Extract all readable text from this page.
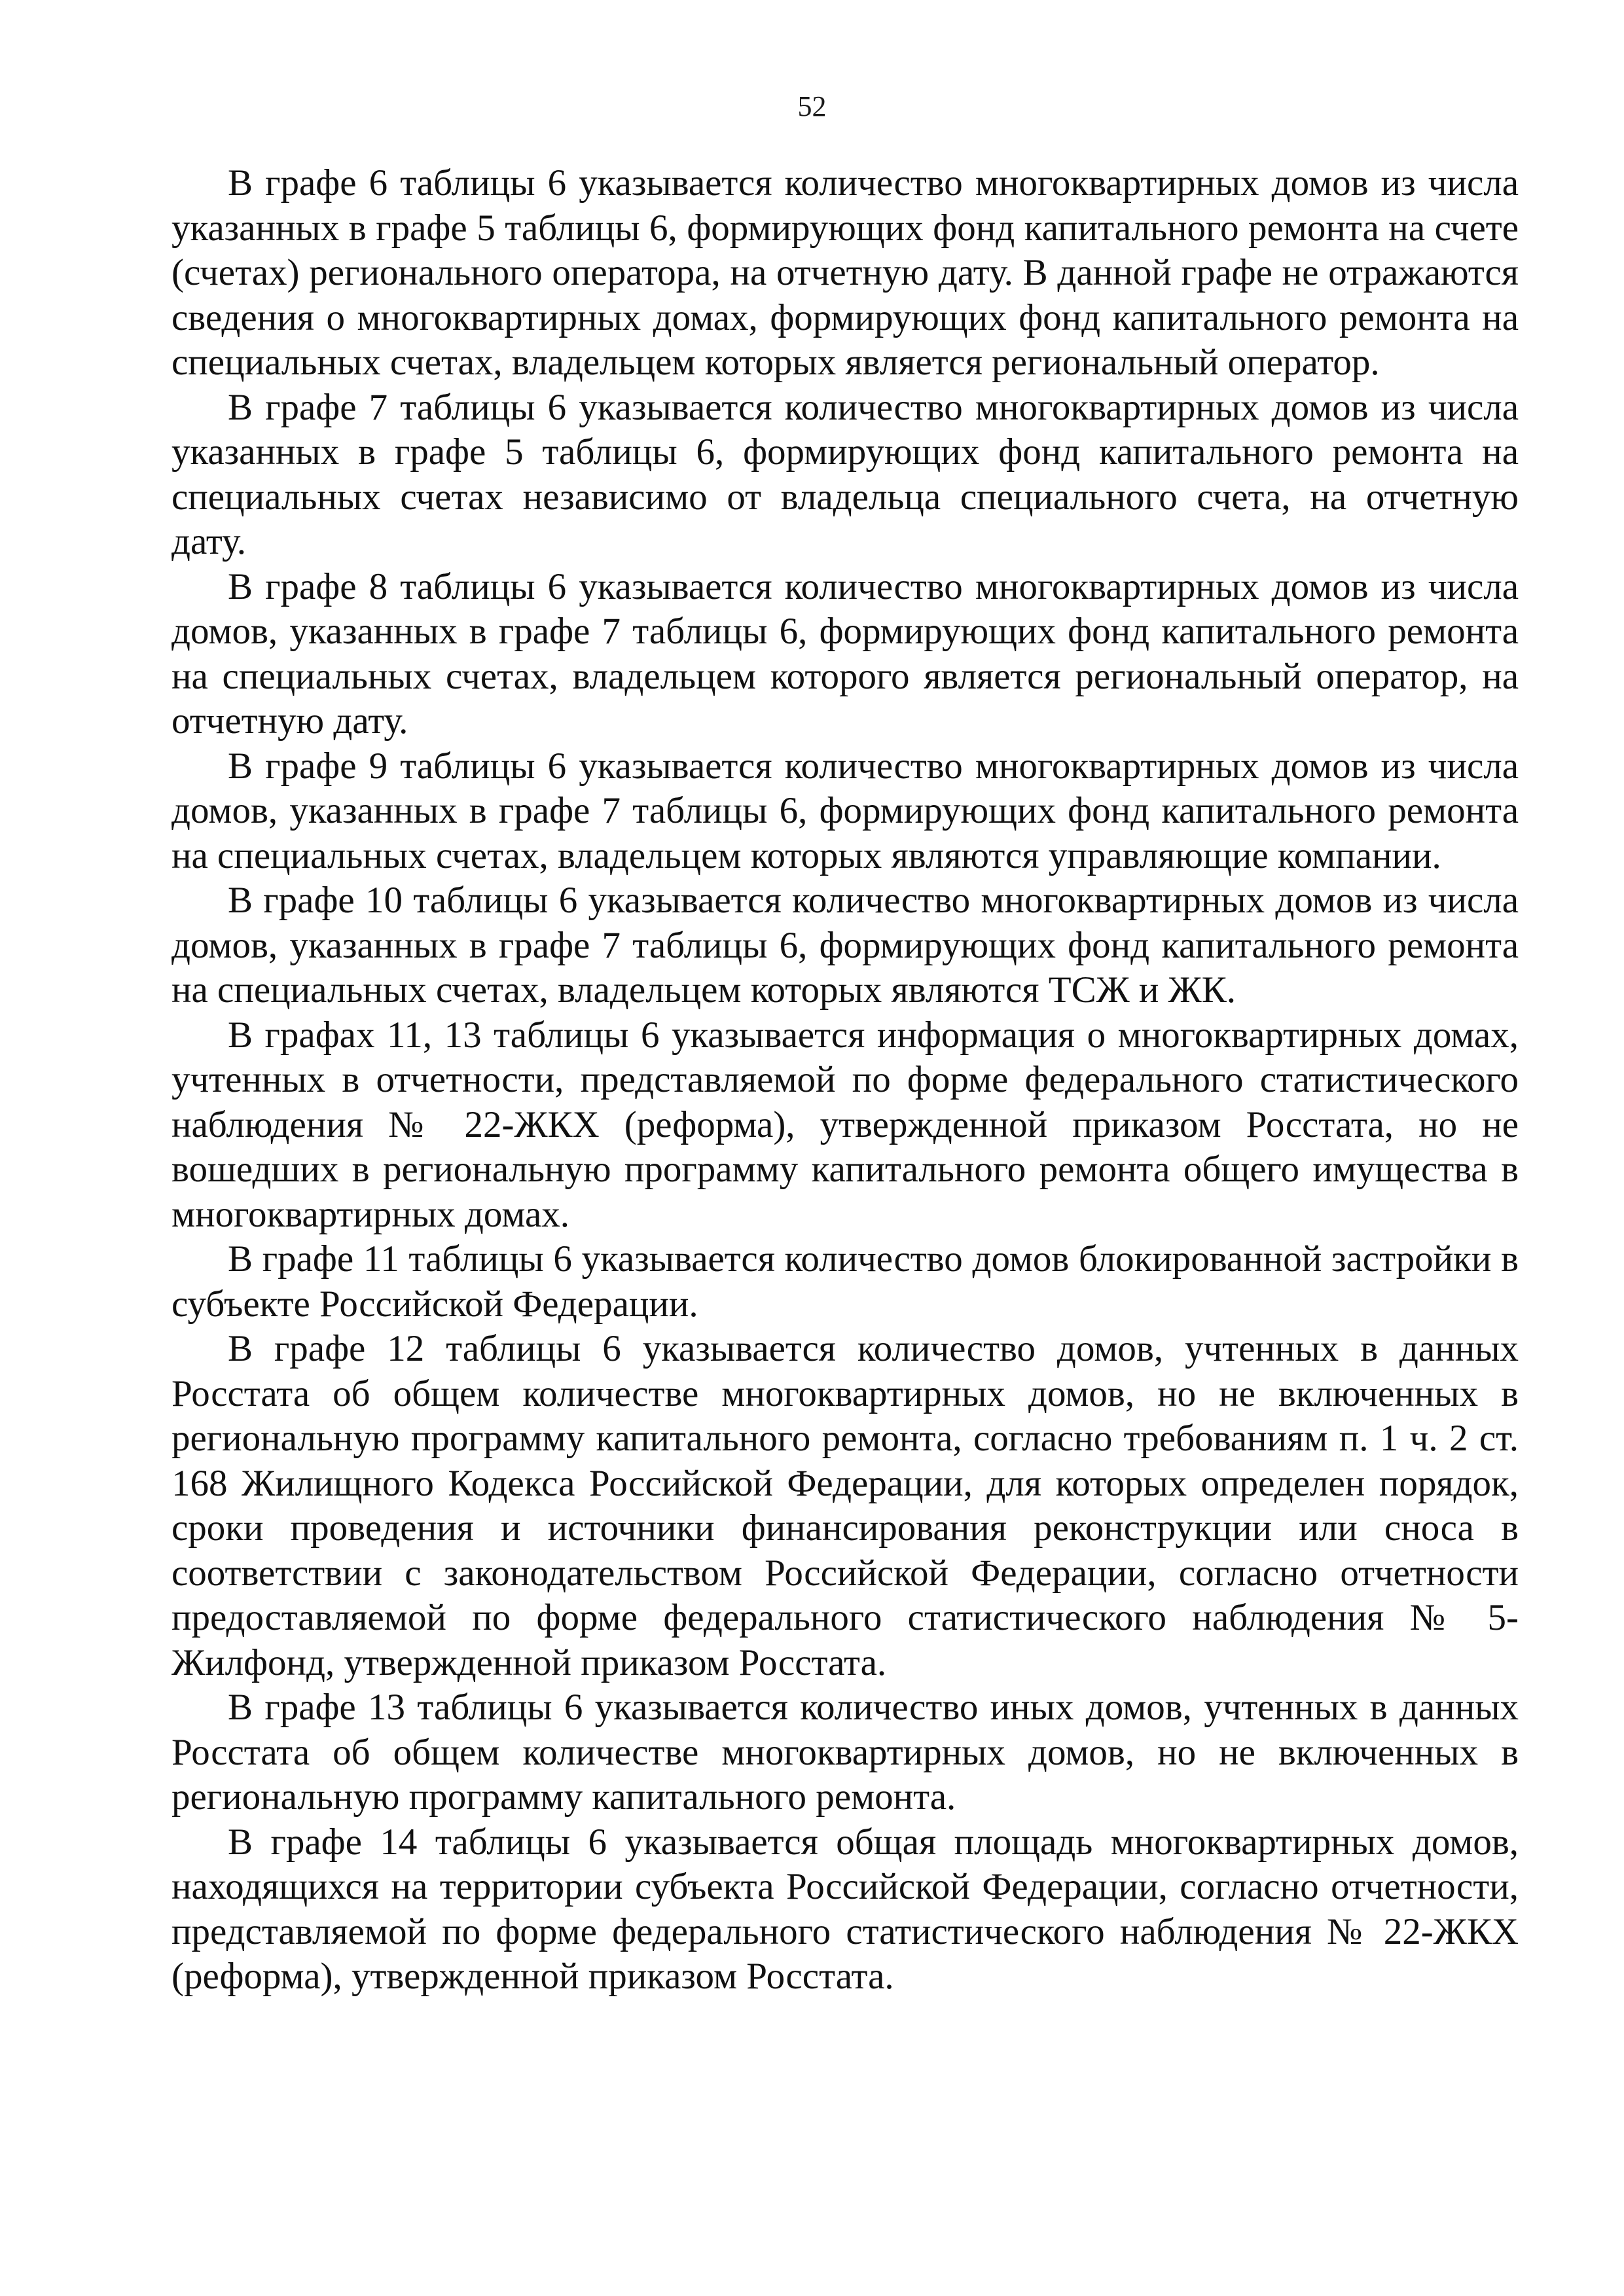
52

В графе 6 таблицы 6 указывается количество многоквартирных домов из числа указанных в графе 5 таблицы 6, формирующих фонд капитального ремонта на счете (счетах) регионального оператора, на отчетную дату. В данной графе не отражаются сведения о многоквартирных домах, формирующих фонд капитального ремонта на специальных счетах, владельцем которых является региональный оператор.

В графе 7 таблицы 6 указывается количество многоквартирных домов из числа указанных в графе 5 таблицы 6, формирующих фонд капитального ремонта на специальных счетах независимо от владельца специального счета, на отчетную дату.

В графе 8 таблицы 6 указывается количество многоквартирных домов из числа домов, указанных в графе 7 таблицы 6, формирующих фонд капитального ремонта на специальных счетах, владельцем которого является региональный оператор, на отчетную дату.

В графе 9 таблицы 6 указывается количество многоквартирных домов из числа домов, указанных в графе 7 таблицы 6, формирующих фонд капитального ремонта на специальных счетах, владельцем которых являются управляющие компании.

В графе 10 таблицы 6 указывается количество многоквартирных домов из числа домов, указанных в графе 7 таблицы 6, формирующих фонд капитального ремонта на специальных счетах, владельцем которых являются ТСЖ и ЖК.

В графах 11, 13 таблицы 6 указывается информация о многоквартирных домах, учтенных в отчетности, представляемой по форме федерального статистического наблюдения № 22-ЖКХ (реформа), утвержденной приказом Росстата, но не вошедших в региональную программу капитального ремонта общего имущества в многоквартирных домах.

В графе 11 таблицы 6 указывается количество домов блокированной застройки в субъекте Российской Федерации.

В графе 12 таблицы 6 указывается количество домов, учтенных в данных Росстата об общем количестве многоквартирных домов, но не включенных в региональную программу капитального ремонта, согласно требованиям п. 1 ч. 2 ст. 168 Жилищного Кодекса Российской Федерации, для которых определен порядок, сроки проведения и источники финансирования реконструкции или сноса в соответствии с законодательством Российской Федерации, согласно отчетности предоставляемой по форме федерального статистического наблюдения № 5-Жилфонд, утвержденной приказом Росстата.

В графе 13 таблицы 6 указывается количество иных домов, учтенных в данных Росстата об общем количестве многоквартирных домов, но не включенных в региональную программу капитального ремонта.

В графе 14 таблицы 6 указывается общая площадь многоквартирных домов, находящихся на территории субъекта Российской Федерации, согласно отчетности, представляемой по форме федерального статистического наблюдения № 22-ЖКХ (реформа), утвержденной приказом Росстата.
